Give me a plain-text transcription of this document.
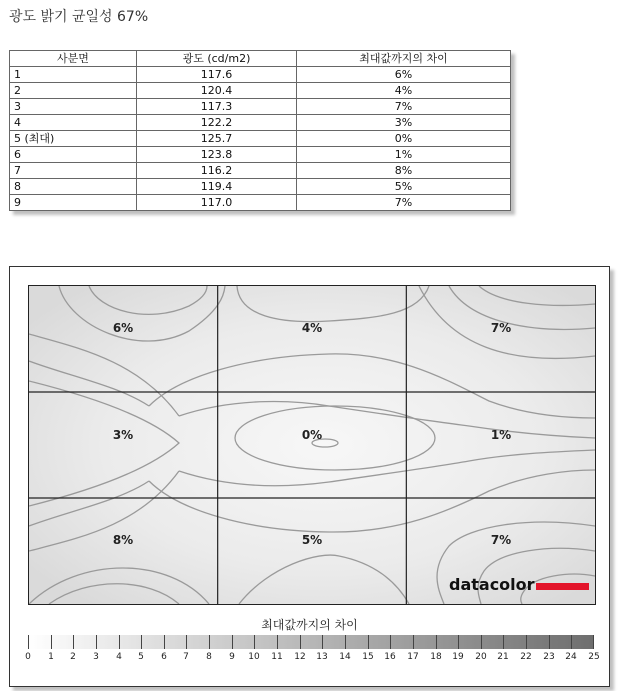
광도 밝기 균일성 67%
사분면	광도 (cd/m2)	최대값까지의 차이
1	117.6	6%
2	120.4	4%
3	117.3	7%
4	122.2	3%
5 (최대)	125.7	0%
6	123.8	1%
7	116.2	8%
8	119.4	5%
9	117.0	7%
6%	4%	7%
3%	0%	1%
8%	5%	7%
datacolor
최대값까지의 차이
0 1 2 3 4 5 6 7 8 9 10 11 12 13 14 15 16 17 18 19 20 21 22 23 24 25
